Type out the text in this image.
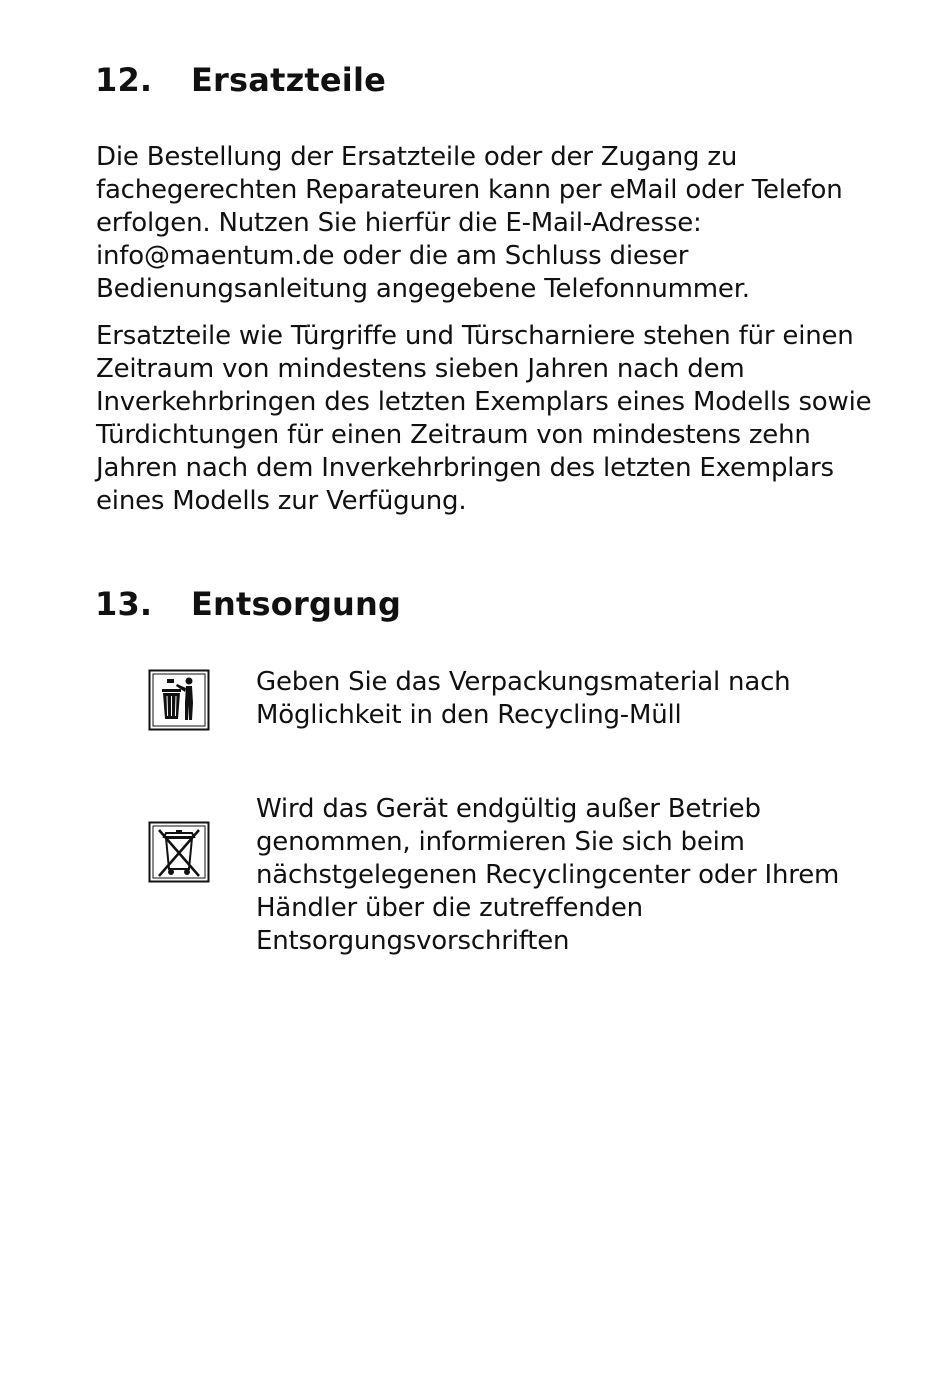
12. Ersatzteile

Die Bestellung der Ersatzteile oder der Zugang zu fachegerechten Reparateuren kann per eMail oder Telefon erfolgen. Nutzen Sie hierfür die E-Mail-Adresse: info@maentum.de oder die am Schluss dieser Bedienungsanleitung angegebene Telefonnummer.

Ersatzteile wie Türgriffe und Türscharniere stehen für einen Zeitraum von mindestens sieben Jahren nach dem Inverkehrbringen des letzten Exemplars eines Modells sowie Türdichtungen für einen Zeitraum von mindestens zehn Jahren nach dem Inverkehrbringen des letzten Exemplars eines Modells zur Verfügung.

13. Entsorgung

Geben Sie das Verpackungsmaterial nach Möglichkeit in den Recycling-Müll

Wird das Gerät endgültig außer Betrieb genommen, informieren Sie sich beim nächstgelegenen Recyclingcenter oder Ihrem Händler über die zutreffenden Entsorgungsvorschriften
